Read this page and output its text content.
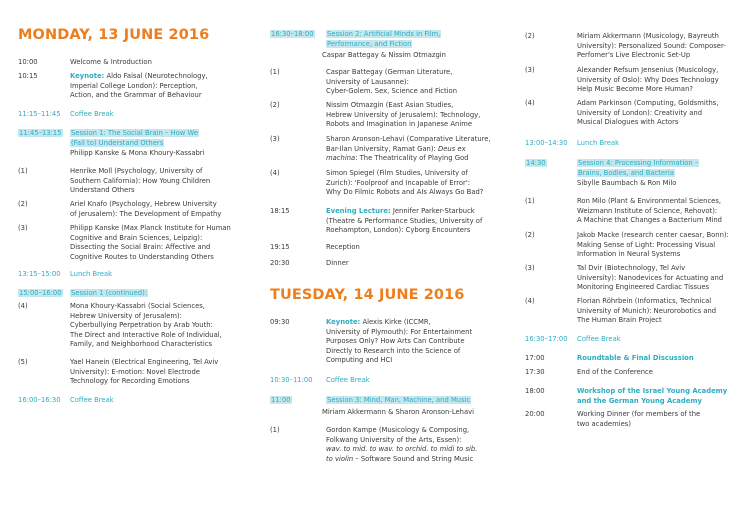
MONDAY, 13 JUNE 2016
10:00	Welcome & Introduction
10:15	Keynote: Aldo Faisal (Neurotechnology,
Imperial College London): Perception,
Action, and the Grammar of Behaviour
11:15–11:45 Coffee Break
11:45–13:15 Session 1: The Social Brain – How We
(Fail to) Understand Others
Philipp Kanske & Mona Khoury-Kassabri
(1)	Henrike Moll (Psychology, University of
Southern California): How Young Children
Understand Others
(2)	Ariel Knafo (Psychology, Hebrew University
of Jerusalem): The Development of Empathy
(3)	Philipp Kanske (Max Planck Institute for Human
Cognitive and Brain Sciences, Leipzig):
Dissecting the Social Brain: Affective and
Cognitive Routes to Understanding Others
13:15–15:00 Lunch Break
15:00–16:00 Session 1 (continued):
(4)	Mona Khoury-Kassabri (Social Sciences,
Hebrew University of Jerusalem):
Cyberbullying Perpetration by Arab Youth:
The Direct and Interactive Role of Individual,
Family, and Neighborhood Characteristics
(5)	Yael Hanein (Electrical Engineering, Tel Aviv
University): E-motion: Novel Electrode
Technology for Recording Emotions
16:00–16:30 Coffee Break
16:30–18:00 Session 2: Artificial Minds in Film,
Performance, and Fiction
Caspar Battegay & Nissim Otmazgin
(1)	Caspar Battegay (German Literature,
University of Lausanne):
Cyber-Golem. Sex, Science and Fiction
(2)	Nissim Otmazgin (East Asian Studies,
Hebrew University of Jerusalem): Technology,
Robots and Imagination in Japanese Anime
(3)	Sharon Aronson-Lehavi (Comparative Literature,
Bar-Ilan University, Ramat Gan): Deus ex
machina: The Theatricality of Playing God
(4)	Simon Spiegel (Film Studies, University of
Zurich): 'Foolproof and Incapable of Error':
Why Do Filmic Robots and AIs Always Go Bad?
18:15	Evening Lecture: Jennifer Parker-Starbuck
(Theatre & Performance Studies, University of
Roehampton, London): Cyborg Encounters
19:15	Reception
20:30	Dinner
TUESDAY, 14 JUNE 2016
09:30	Keynote: Alexis Kirke (ICCMR,
University of Plymouth): For Entertainment
Purposes Only? How Arts Can Contribute
Directly to Research into the Science of
Computing and HCI
10:30–11:00 Coffee Break
11:00	Session 3: Mind, Man, Machine, and Music
Miriam Akkermann & Sharon Aronson-Lehavi
(1)	Gordon Kampe (Musicology & Composing,
Folkwang University of the Arts, Essen):
wav. to mid. to wav. to orchid. to midi to sib.
to violin – Software Sound and String Music
(2)	Miriam Akkermann (Musicology, Bayreuth
University): Personalized Sound: Composer-
Perfomer's Live Electronic Set-Up
(3)	Alexander Refsum Jensenius (Musicology,
University of Oslo): Why Does Technology
Help Music Become More Human?
(4)	Adam Parkinson (Computing, Goldsmiths,
University of London): Creativity and
Musical Dialogues with Actors
13:00–14:30 Lunch Break
14:30	Session 4: Processing Information –
Brains, Bodies, and Bacteria
Sibylle Baumbach & Ron Milo
(1)	Ron Milo (Plant & Environmental Sciences,
Weizmann Institute of Science, Rehovot):
A Machine that Changes a Bacterium Mind
(2)	Jakob Macke (research center caesar, Bonn):
Making Sense of Light: Processing Visual
Information in Neural Systems
(3)	Tal Dvir (Biotechnology, Tel Aviv
University): Nanodevices for Actuating and
Monitoring Engineered Cardiac Tissues
(4)	Florian Röhrbein (Informatics, Technical
University of Munich): Neurorobotics and
The Human Brain Project
16:30–17:00 Coffee Break
17:00	Roundtable & Final Discussion
17:30	End of the Conference
18:00	Workshop of the Israel Young Academy
and the German Young Academy
20:00	Working Dinner (for members of the
two academies)
